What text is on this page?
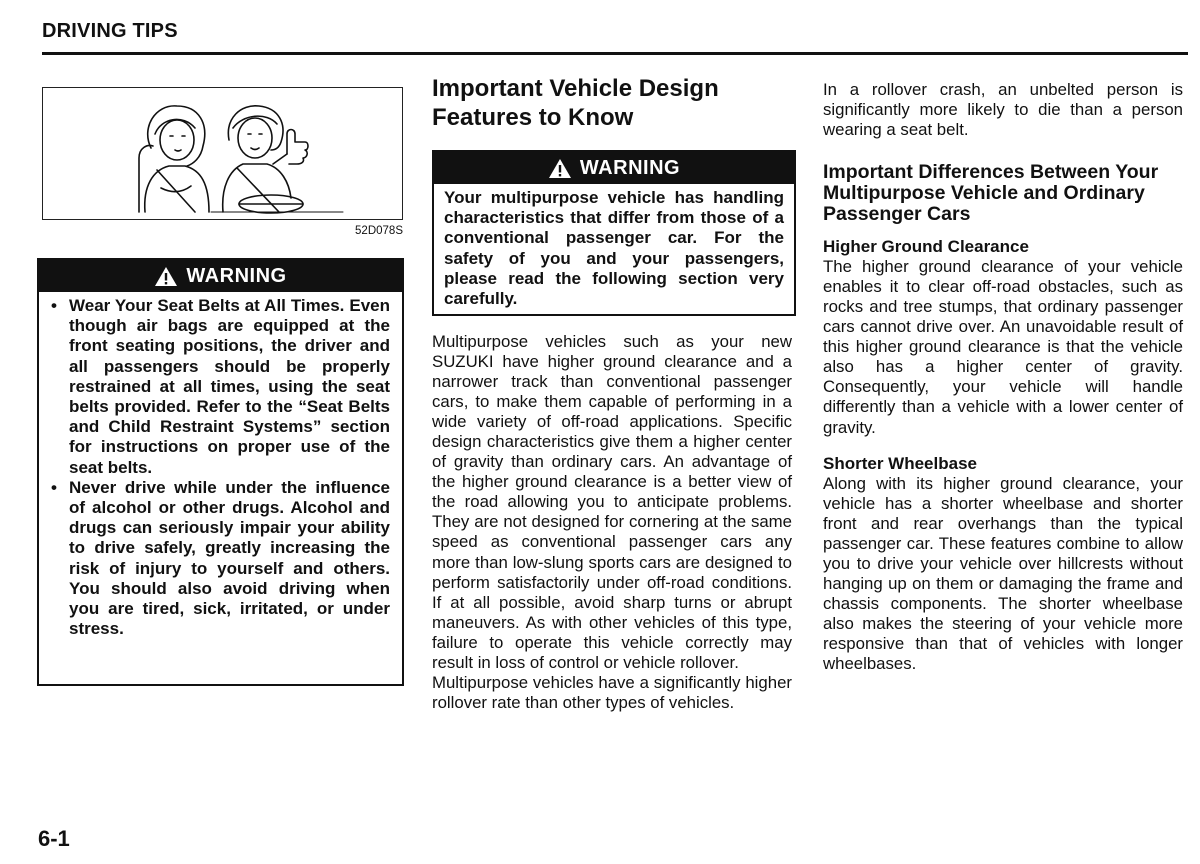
DRIVING TIPS
52D078S
WARNING
• Wear Your Seat Belts at All Times. Even though air bags are equipped at the front seating positions, the driver and all passengers should be properly restrained at all times, using the seat belts provided. Refer to the “Seat Belts and Child Restraint Systems” section for instructions on proper use of the seat belts.
• Never drive while under the influence of alcohol or other drugs. Alcohol and drugs can seriously impair your ability to drive safely, greatly increasing the risk of injury to yourself and others. You should also avoid driving when you are tired, sick, irritated, or under stress.
Important Vehicle Design Features to Know
WARNING
Your multipurpose vehicle has handling characteristics that differ from those of a conventional passenger car. For the safety of you and your passengers, please read the following section very carefully.

Multipurpose vehicles such as your new SUZUKI have higher ground clearance and a narrower track than conventional passenger cars, to make them capable of performing in a wide variety of off-road applications. Specific design characteristics give them a higher center of gravity than ordinary cars. An advantage of the higher ground clearance is a better view of the road allowing you to anticipate problems. They are not designed for cornering at the same speed as conventional passenger cars any more than low-slung sports cars are designed to perform satisfactorily under off-road conditions. If at all possible, avoid sharp turns or abrupt maneuvers. As with other vehicles of this type, failure to operate this vehicle correctly may result in loss of control or vehicle rollover.

Multipurpose vehicles have a significantly higher rollover rate than other types of vehicles.

In a rollover crash, an unbelted person is significantly more likely to die than a person wearing a seat belt.

Important Differences Between Your Multipurpose Vehicle and Ordinary Passenger Cars
Higher Ground Clearance

The higher ground clearance of your vehicle enables it to clear off-road obstacles, such as rocks and tree stumps, that ordinary passenger cars cannot drive over. An unavoidable result of this higher ground clearance is that the vehicle also has a higher center of gravity. Consequently, your vehicle will handle differently than a vehicle with a lower center of gravity.

Shorter Wheelbase

Along with its higher ground clearance, your vehicle has a shorter wheelbase and shorter front and rear overhangs than the typical passenger car. These features combine to allow you to drive your vehicle over hillcrests without hanging up on them or damaging the frame and chassis components. The shorter wheelbase also makes the steering of your vehicle more responsive than that of vehicles with longer wheelbases.

6-1
